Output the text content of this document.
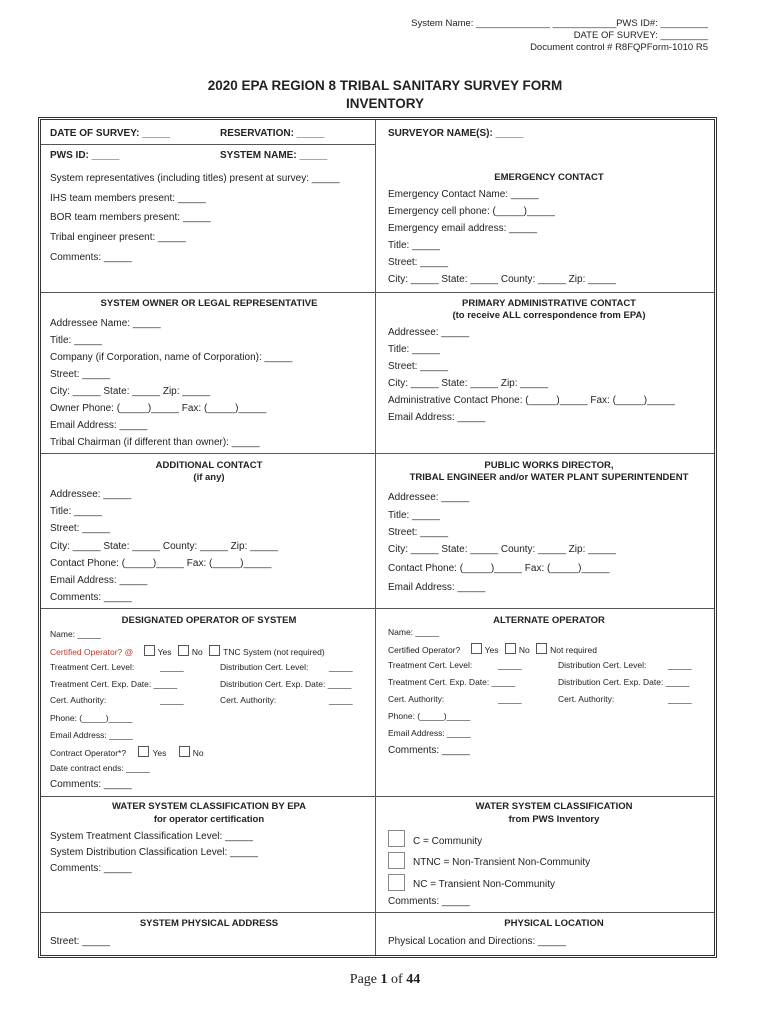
System Name: ______________ ____________PWS ID#: _________
DATE OF SURVEY: _________
Document control # R8FQPForm-1010 R5
2020 EPA REGION 8 TRIBAL SANITARY SURVEY FORM
INVENTORY
DATE OF SURVEY: _____	RESERVATION: _____	SURVEYOR NAME(S): _____
PWS ID: _____	SYSTEM NAME: _____
System representatives (including titles) present at survey: _____
IHS team members present: _____
BOR team members present: _____
Tribal engineer present: _____
Comments: _____
EMERGENCY CONTACT
Emergency Contact Name: _____
Emergency cell phone: (_____)_____
Emergency email address: _____
Title: _____
Street: _____
City: _____ State: _____ County: _____ Zip: _____
SYSTEM OWNER OR LEGAL REPRESENTATIVE
Addressee Name: _____
Title: _____
Company (if Corporation, name of Corporation): _____
Street: _____
City: _____ State: _____ Zip: _____
Owner Phone: (_____)_____ Fax: (_____)_____
Email Address: _____
Tribal Chairman (if different than owner): _____
PRIMARY ADMINISTRATIVE CONTACT
(to receive ALL correspondence from EPA)
Addressee: _____
Title: _____
Street: _____
City: _____ State: _____ Zip: _____
Administrative Contact Phone: (_____)_____ Fax: (_____)_____
Email Address: _____
ADDITIONAL CONTACT
(if any)
Addressee: _____
Title: _____
Street: _____
City: _____ State: _____ County: _____ Zip: _____
Contact Phone: (_____)_____ Fax: (_____)_____
Email Address: _____
Comments: _____
PUBLIC WORKS DIRECTOR,
TRIBAL ENGINEER and/or WATER PLANT SUPERINTENDENT
Addressee: _____
Title: _____
Street: _____
City: _____ State: _____ County: _____ Zip: _____
Contact Phone: (_____)_____ Fax: (_____)_____
Email Address: _____
DESIGNATED OPERATOR OF SYSTEM
Name: _____
Certified Operator? @	Yes No TNC System (not required)
Treatment Cert. Level:	_____	Distribution Cert. Level: _____
Treatment Cert. Exp. Date: _____	Distribution Cert. Exp. Date: _____
Cert. Authority:	_____	Cert. Authority:	_____
Phone: (_____)_____
Email Address: _____
Contract Operator*?	Yes	No
Date contract ends: _____
Comments: _____
ALTERNATE OPERATOR
Name: _____
Certified Operator?	Yes No Not required
Treatment Cert. Level:	_____	Distribution Cert. Level:	_____
Treatment Cert. Exp. Date: _____	Distribution Cert. Exp. Date: _____
Cert. Authority:	_____	Cert. Authority:	_____
Phone: (_____)_____
Email Address: _____
Comments: _____
WATER SYSTEM CLASSIFICATION BY EPA
for operator certification
System Treatment Classification Level: _____
System Distribution Classification Level: _____
Comments: _____
WATER SYSTEM CLASSIFICATION
from PWS Inventory
C = Community
NTNC = Non-Transient Non-Community
NC = Transient Non-Community
Comments: _____
SYSTEM PHYSICAL ADDRESS
Street: _____
PHYSICAL LOCATION
Physical Location and Directions: _____
Page 1 of 44
